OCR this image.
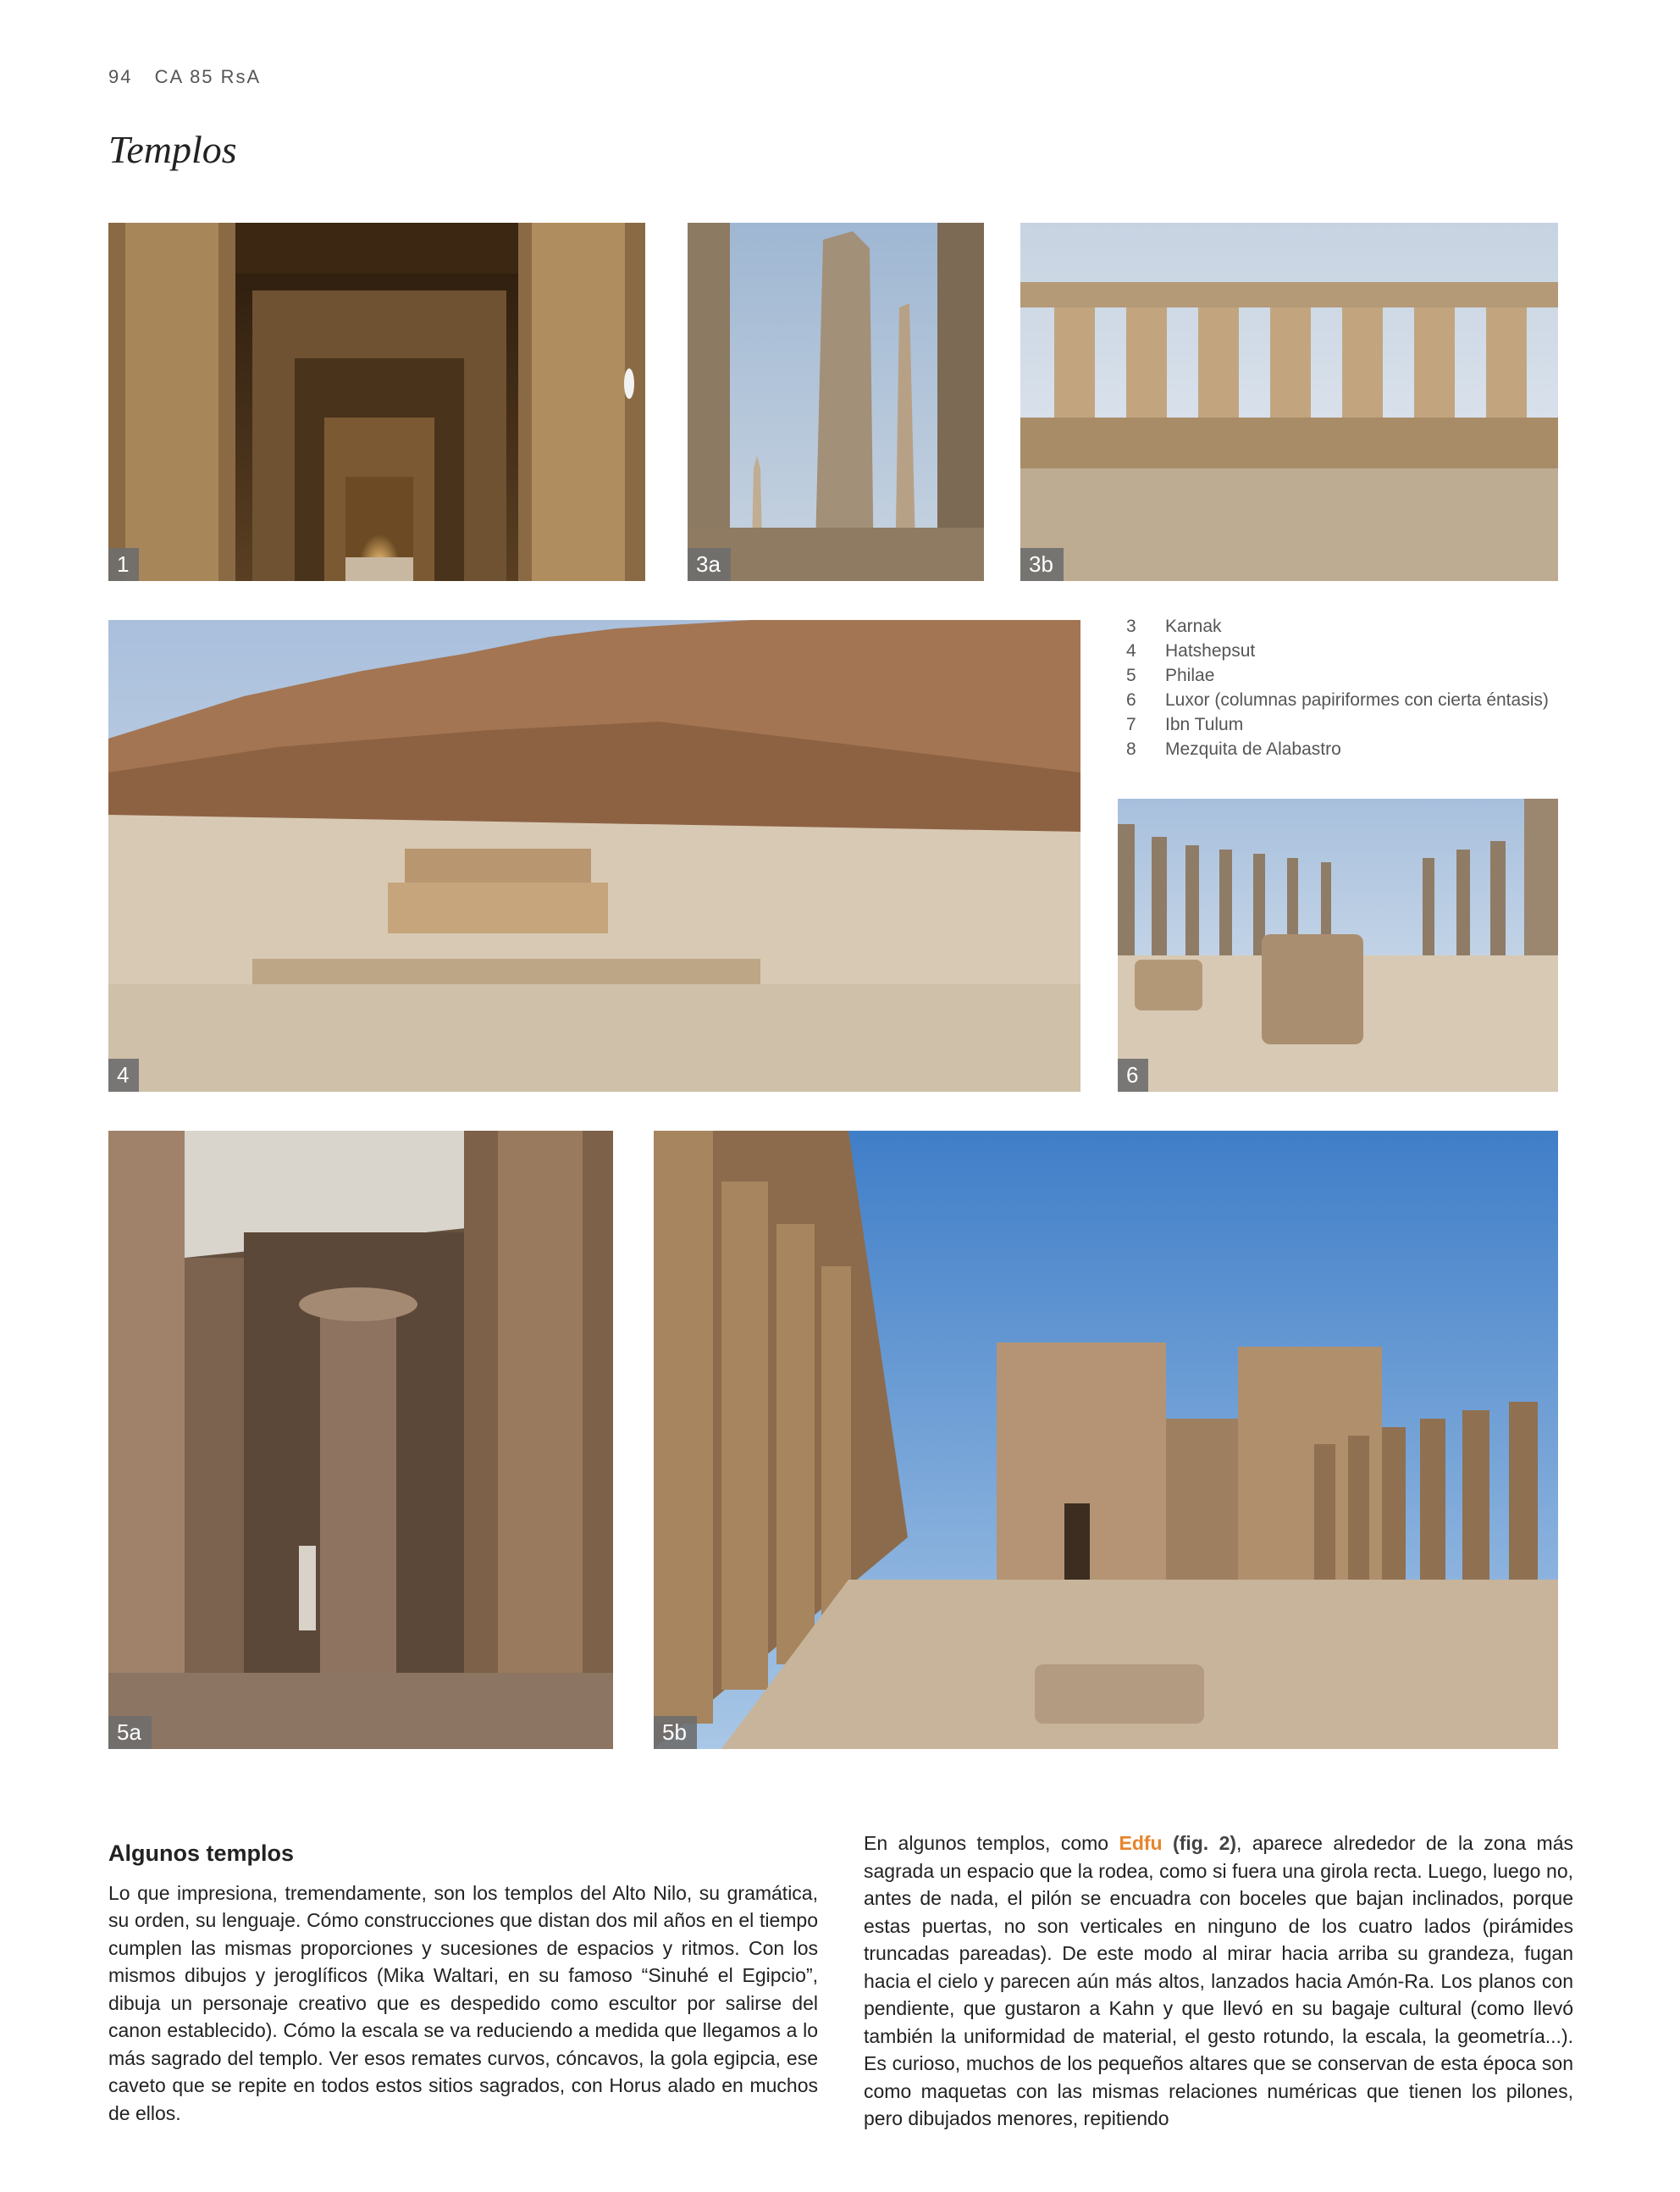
94 CA 85 RsA
Templos
1	3a	3b
4	6
5a	5b
3	Karnak
4	Hatshepsut
5	Philae
6	Luxor (columnas papiriformes con cierta éntasis)
7	Ibn Tulum
8	Mezquita de Alabastro
Algunos templos

Lo que impresiona, tremendamente, son los templos del Alto Nilo, su gramática, su orden, su lenguaje. Cómo construcciones que distan dos mil años en el tiempo cumplen las mismas proporciones y sucesiones de espacios y ritmos. Con los mismos dibujos y jeroglíficos (Mika Waltari, en su famoso “Sinuhé el Egipcio”, dibuja un personaje creativo que es despedido como escultor por salirse del canon establecido). Cómo la escala se va reduciendo a medida que llegamos a lo más sagrado del templo. Ver esos remates curvos, cóncavos, la gola egipcia, ese caveto que se repite en todos estos sitios sagrados, con Horus alado en muchos de ellos.

En algunos templos, como Edfu (fig. 2), aparece alrededor de la zona más sagrada un espacio que la rodea, como si fuera una girola recta. Luego, luego no, antes de nada, el pilón se encuadra con boceles que bajan inclinados, porque estas puertas, no son verticales en ninguno de los cuatro lados (pirámides truncadas pareadas). De este modo al mirar hacia arriba su grandeza, fugan hacia el cielo y parecen aún más altos, lanzados hacia Amón-Ra. Los planos con pendiente, que gustaron a Kahn y que llevó en su bagaje cultural (como llevó también la uniformidad de material, el gesto rotundo, la escala, la geometría...). Es curioso, muchos de los pequeños altares que se conservan de esta época son como maquetas con las mismas relaciones numéricas que tienen los pilones, pero dibujados menores, repitiendo
